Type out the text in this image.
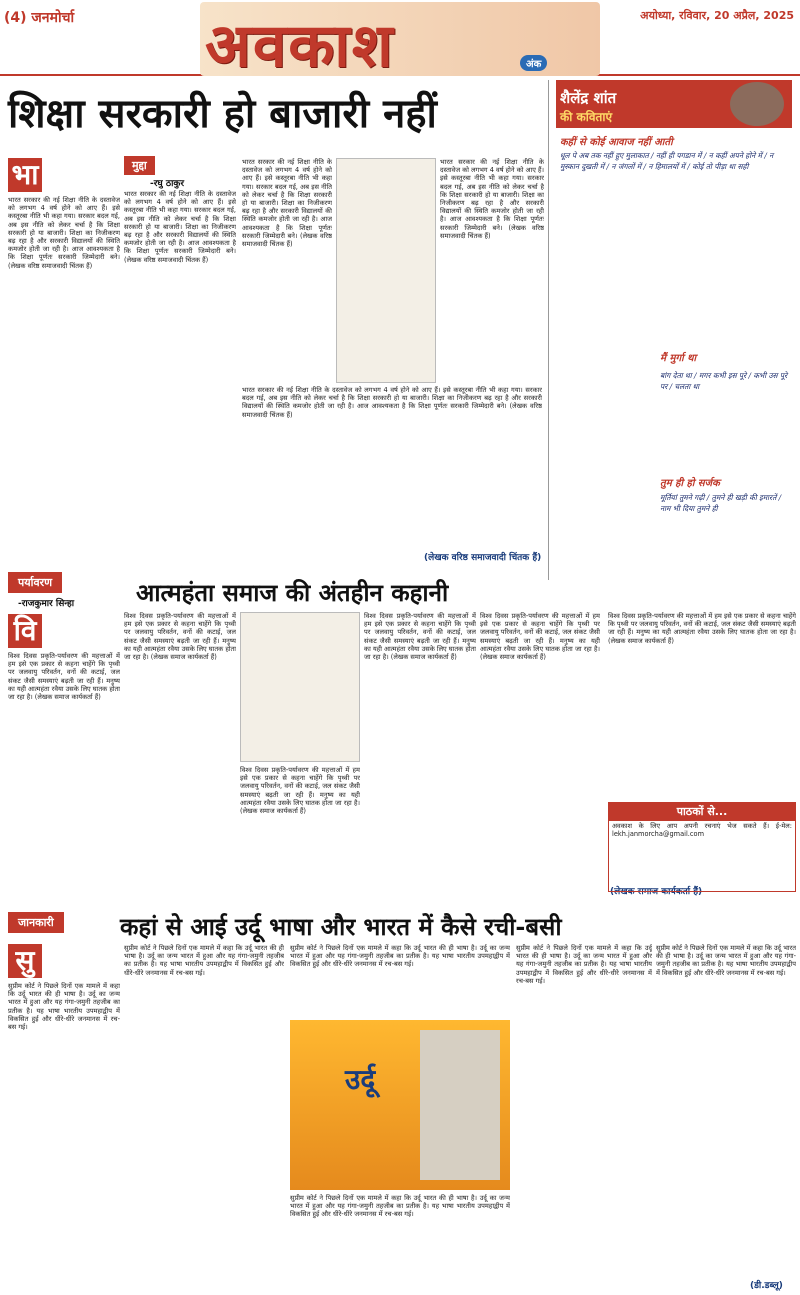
(4) जनमोर्चा अवकाश	अंक
अयोध्या, रविवार, 20 अप्रैल, 2025
शिक्षा सरकारी हो बाजारी नहीं
भा
भारत सरकार की नई शिक्षा नीति के दस्तावेज को लगभग 4 वर्ष होने को आए हैं। इसे कस्तूरबा नीति भी कहा गया। सरकार बदल गई, अब इस नीति को लेकर चर्चा है कि शिक्षा सरकारी हो या बाजारी। शिक्षा का निजीकरण बढ़ रहा है और सरकारी विद्यालयों की स्थिति कमजोर होती जा रही है। आज आवश्यकता है कि शिक्षा पूर्णतः सरकारी जिम्मेदारी बने। (लेखक वरिष्ठ समाजवादी चिंतक हैं)
मुद्दा
-रघु ठाकुर
भारत सरकार की नई शिक्षा नीति के दस्तावेज को लगभग 4 वर्ष होने को आए हैं। इसे कस्तूरबा नीति भी कहा गया। सरकार बदल गई, अब इस नीति को लेकर चर्चा है कि शिक्षा सरकारी हो या बाजारी। शिक्षा का निजीकरण बढ़ रहा है और सरकारी विद्यालयों की स्थिति कमजोर होती जा रही है। आज आवश्यकता है कि शिक्षा पूर्णतः सरकारी जिम्मेदारी बने। (लेखक वरिष्ठ समाजवादी चिंतक हैं)
भारत सरकार की नई शिक्षा नीति के दस्तावेज को लगभग 4 वर्ष होने को आए हैं। इसे कस्तूरबा नीति भी कहा गया। सरकार बदल गई, अब इस नीति को लेकर चर्चा है कि शिक्षा सरकारी हो या बाजारी। शिक्षा का निजीकरण बढ़ रहा है और सरकारी विद्यालयों की स्थिति कमजोर होती जा रही है। आज आवश्यकता है कि शिक्षा पूर्णतः सरकारी जिम्मेदारी बने। (लेखक वरिष्ठ समाजवादी चिंतक हैं)
भारत सरकार की नई शिक्षा नीति के दस्तावेज को लगभग 4 वर्ष होने को आए हैं। इसे कस्तूरबा नीति भी कहा गया। सरकार बदल गई, अब इस नीति को लेकर चर्चा है कि शिक्षा सरकारी हो या बाजारी। शिक्षा का निजीकरण बढ़ रहा है और सरकारी विद्यालयों की स्थिति कमजोर होती जा रही है। आज आवश्यकता है कि शिक्षा पूर्णतः सरकारी जिम्मेदारी बने। (लेखक वरिष्ठ समाजवादी चिंतक हैं)
भारत सरकार की नई शिक्षा नीति के दस्तावेज को लगभग 4 वर्ष होने को आए हैं। इसे कस्तूरबा नीति भी कहा गया। सरकार बदल गई, अब इस नीति को लेकर चर्चा है कि शिक्षा सरकारी हो या बाजारी। शिक्षा का निजीकरण बढ़ रहा है और सरकारी विद्यालयों की स्थिति कमजोर होती जा रही है। आज आवश्यकता है कि शिक्षा पूर्णतः सरकारी जिम्मेदारी बने। (लेखक वरिष्ठ समाजवादी चिंतक हैं)
(लेखक वरिष्ठ समाजवादी चिंतक हैं)
शैलेंद्र शांत
की कविताएं
कहीं से कोई आवाज नहीं आती
धूल पे अब तक नहीं हुए मुलाकात / नहीं ही पगडान में / न कहीं अपने होने में / न मुस्कान दुखती में / न जंगलों में / न हिमालयों में / कोई तो पीड़ा था सही
मैं मुर्गा था
बांग देता था / मगर कभी इस पूरे / कभी उस पूरे पर / चलता था
तुम ही हो सर्जक
मूर्तियां तुमने गढ़ी / तुमने ही खड़ी की इमारतें / नाम भी दिया तुमने ही
पर्यावरण
-राजकुमार सिन्हा	आत्महंता समाज की अंतहीन कहानी
वि
विश्व दिवस प्रकृति-पर्यावरण की महत्ताओं में हम इसे एक प्रकार से कहना चाहेंगे कि पृथ्वी पर जलवायु परिवर्तन, वनों की कटाई, जल संकट जैसी समस्याएं बढ़ती जा रही हैं। मनुष्य का यही आत्महंता रवैया उसके लिए घातक होता जा रहा है। (लेखक समाज कार्यकर्ता हैं)
विश्व दिवस प्रकृति-पर्यावरण की महत्ताओं में हम इसे एक प्रकार से कहना चाहेंगे कि पृथ्वी पर जलवायु परिवर्तन, वनों की कटाई, जल संकट जैसी समस्याएं बढ़ती जा रही हैं। मनुष्य का यही आत्महंता रवैया उसके लिए घातक होता जा रहा है। (लेखक समाज कार्यकर्ता हैं)
विश्व दिवस प्रकृति-पर्यावरण की महत्ताओं में हम इसे एक प्रकार से कहना चाहेंगे कि पृथ्वी पर जलवायु परिवर्तन, वनों की कटाई, जल संकट जैसी समस्याएं बढ़ती जा रही हैं। मनुष्य का यही आत्महंता रवैया उसके लिए घातक होता जा रहा है। (लेखक समाज कार्यकर्ता हैं)
विश्व दिवस प्रकृति-पर्यावरण की महत्ताओं में हम इसे एक प्रकार से कहना चाहेंगे कि पृथ्वी पर जलवायु परिवर्तन, वनों की कटाई, जल संकट जैसी समस्याएं बढ़ती जा रही हैं। मनुष्य का यही आत्महंता रवैया उसके लिए घातक होता जा रहा है। (लेखक समाज कार्यकर्ता हैं)
विश्व दिवस प्रकृति-पर्यावरण की महत्ताओं में हम इसे एक प्रकार से कहना चाहेंगे कि पृथ्वी पर जलवायु परिवर्तन, वनों की कटाई, जल संकट जैसी समस्याएं बढ़ती जा रही हैं। मनुष्य का यही आत्महंता रवैया उसके लिए घातक होता जा रहा है। (लेखक समाज कार्यकर्ता हैं)
विश्व दिवस प्रकृति-पर्यावरण की महत्ताओं में हम इसे एक प्रकार से कहना चाहेंगे कि पृथ्वी पर जलवायु परिवर्तन, वनों की कटाई, जल संकट जैसी समस्याएं बढ़ती जा रही हैं। मनुष्य का यही आत्महंता रवैया उसके लिए घातक होता जा रहा है। (लेखक समाज कार्यकर्ता हैं)
(लेखक समाज कार्यकर्ता हैं)
पाठकों से...
अवकाश के लिए आप अपनी रचनाएं भेज सकते हैं। ई-मेल: lekh.janmorcha@gmail.com
जानकारी	कहां से आई उर्दू भाषा और भारत में कैसे रची-बसी
सु
सुप्रीम कोर्ट ने पिछले दिनों एक मामले में कहा कि उर्दू भारत की ही भाषा है। उर्दू का जन्म भारत में हुआ और यह गंगा-जमुनी तहजीब का प्रतीक है। यह भाषा भारतीय उपमहाद्वीप में विकसित हुई और धीरे-धीरे जनमानस में रच-बस गई।
सुप्रीम कोर्ट ने पिछले दिनों एक मामले में कहा कि उर्दू भारत की ही भाषा है। उर्दू का जन्म भारत में हुआ और यह गंगा-जमुनी तहजीब का प्रतीक है। यह भाषा भारतीय उपमहाद्वीप में विकसित हुई और धीरे-धीरे जनमानस में रच-बस गई।
सुप्रीम कोर्ट ने पिछले दिनों एक मामले में कहा कि उर्दू भारत की ही भाषा है। उर्दू का जन्म भारत में हुआ और यह गंगा-जमुनी तहजीब का प्रतीक है। यह भाषा भारतीय उपमहाद्वीप में विकसित हुई और धीरे-धीरे जनमानस में रच-बस गई।
उर्दू
सुप्रीम कोर्ट ने पिछले दिनों एक मामले में कहा कि उर्दू भारत की ही भाषा है। उर्दू का जन्म भारत में हुआ और यह गंगा-जमुनी तहजीब का प्रतीक है। यह भाषा भारतीय उपमहाद्वीप में विकसित हुई और धीरे-धीरे जनमानस में रच-बस गई।
सुप्रीम कोर्ट ने पिछले दिनों एक मामले में कहा कि उर्दू भारत की ही भाषा है। उर्दू का जन्म भारत में हुआ और यह गंगा-जमुनी तहजीब का प्रतीक है। यह भाषा भारतीय उपमहाद्वीप में विकसित हुई और धीरे-धीरे जनमानस में रच-बस गई।
सुप्रीम कोर्ट ने पिछले दिनों एक मामले में कहा कि उर्दू भारत की ही भाषा है। उर्दू का जन्म भारत में हुआ और यह गंगा-जमुनी तहजीब का प्रतीक है। यह भाषा भारतीय उपमहाद्वीप में विकसित हुई और धीरे-धीरे जनमानस में रच-बस गई।
(डी.डब्लू)
